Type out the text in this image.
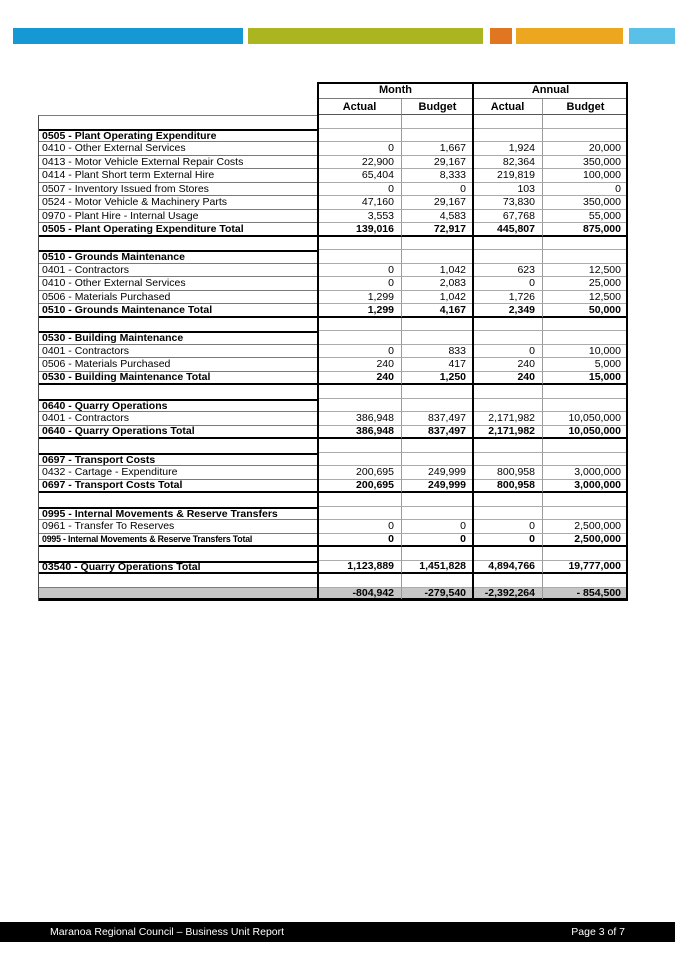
Month	Annual
Actual	Budget	Actual	Budget
0505 - Plant Operating Expenditure
0410 - Other External Services	0	1,667	1,924	20,000
0413 - Motor Vehicle External Repair Costs	22,900	29,167	82,364	350,000
0414 - Plant Short term External Hire	65,404	8,333	219,819	100,000
0507 - Inventory Issued from Stores	0	0	103	0
0524 - Motor Vehicle & Machinery Parts	47,160	29,167	73,830	350,000
0970 - Plant Hire - Internal Usage	3,553	4,583	67,768	55,000
0505 - Plant Operating Expenditure Total	139,016	72,917	445,807	875,000
0510 - Grounds Maintenance
0401 - Contractors	0	1,042	623	12,500
0410 - Other External Services	0	2,083	0	25,000
0506 - Materials Purchased	1,299	1,042	1,726	12,500
0510 - Grounds Maintenance Total	1,299	4,167	2,349	50,000
0530 - Building Maintenance
0401 - Contractors	0	833	0	10,000
0506 - Materials Purchased	240	417	240	5,000
0530 - Building Maintenance Total	240	1,250	240	15,000
0640 - Quarry Operations
0401 - Contractors	386,948	837,497	2,171,982	10,050,000
0640 - Quarry Operations Total	386,948	837,497	2,171,982	10,050,000
0697 - Transport Costs
0432 - Cartage - Expenditure	200,695	249,999	800,958	3,000,000
0697 - Transport Costs Total	200,695	249,999	800,958	3,000,000
0995 - Internal Movements & Reserve Transfers
0961 - Transfer To Reserves	0	0	0	2,500,000
0995 - Internal Movements & Reserve Transfers Total	0	0	0	2,500,000
03540 - Quarry Operations Total	1,123,889	1,451,828	4,894,766	19,777,000
-804,942	-279,540	-2,392,264	- 854,500
Maranoa Regional Council – Business Unit Report	Page 3 of 7
